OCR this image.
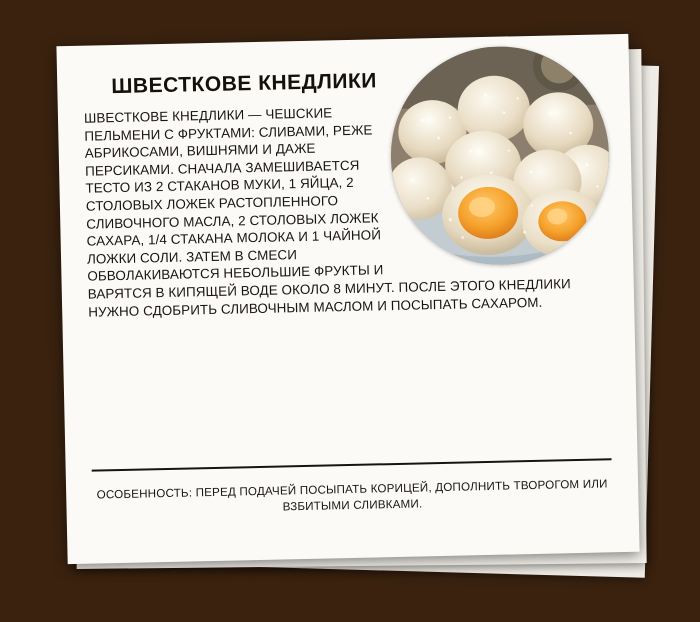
ШВЕСТКОВЕ КНЕДЛИКИ

ШВЕСТКОВЕ КНЕДЛИКИ — ЧЕШСКИЕ ПЕЛЬМЕНИ С ФРУКТАМИ: СЛИВАМИ, РЕЖЕ АБРИКОСАМИ, ВИШНЯМИ И ДАЖЕ ПЕРСИКАМИ. СНАЧАЛА ЗАМЕШИВАЕТСЯ ТЕСТО ИЗ 2 СТАКАНОВ МУКИ, 1 ЯЙЦА, 2 СТОЛОВЫХ ЛОЖЕК РАСТОПЛЕННОГО СЛИВОЧНОГО МАСЛА, 2 СТОЛОВЫХ ЛОЖЕК САХАРА, 1/4 СТАКАНА МОЛОКА И 1 ЧАЙНОЙ ЛОЖКИ СОЛИ. ЗАТЕМ В СМЕСИ ОБВОЛАКИВАЮТСЯ НЕБОЛЬШИЕ ФРУКТЫ И ВАРЯТСЯ В КИПЯЩЕЙ ВОДЕ ОКОЛО 8 МИНУТ. ПОСЛЕ ЭТОГО КНЕДЛИКИ НУЖНО СДОБРИТЬ СЛИВОЧНЫМ МАСЛОМ И ПОСЫПАТЬ САХАРОМ.

ОСОБЕННОСТЬ: ПЕРЕД ПОДАЧЕЙ ПОСЫПАТЬ КОРИЦЕЙ, ДОПОЛНИТЬ ТВОРОГОМ ИЛИ ВЗБИТЫМИ СЛИВКАМИ.
